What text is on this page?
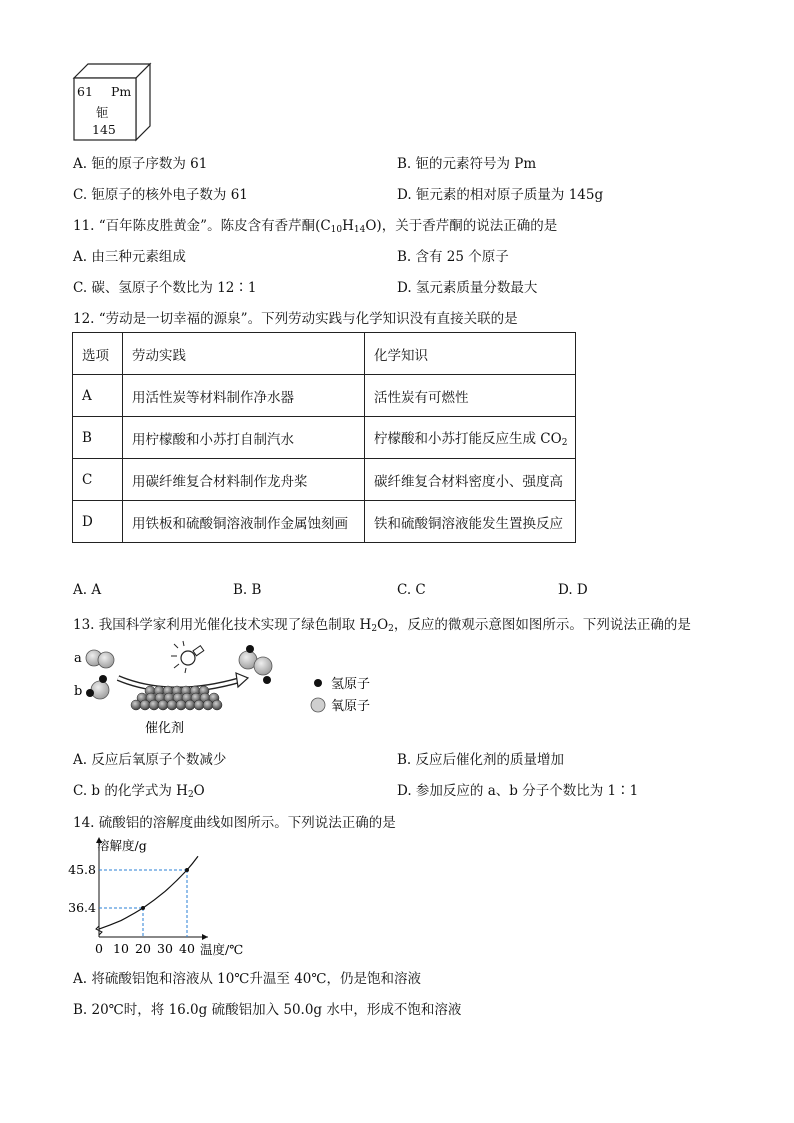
61 Pm
钷
145
A. 钷的原子序数为 61	B. 钷的元素符号为 Pm
C. 钷原子的核外电子数为 61	D. 钷元素的相对原子质量为 145g
11. “百年陈皮胜黄金”。陈皮含有香芹酮$(C_{10}H_{14}O)$，关于香芹酮的说法正确的是
A. 由三种元素组成	B. 含有 25 个原子
C. 碳、氢原子个数比为 12∶1	D. 氢元素质量分数最大
12. “劳动是一切幸福的源泉”。下列劳动实践与化学知识没有直接关联的是
选项	劳动实践	化学知识
A	用活性炭等材料制作净水器	活性炭有可燃性
B	用柠檬酸和小苏打自制汽水	柠檬酸和小苏打能反应生成 $CO_2$
C	用碳纤维复合材料制作龙舟桨	碳纤维复合材料密度小、强度高
D	用铁板和硫酸铜溶液制作金属蚀刻画	铁和硫酸铜溶液能发生置换反应
A. A	B. B	C. C	D. D
13. 我国科学家利用光催化技术实现了绿色制取 $H_2O_2$，反应的微观示意图如图所示。下列说法正确的是
催化剂
a
b	氢原子
氧原子
A. 反应后氧原子个数减少	B. 反应后催化剂的质量增加
C. b 的化学式为 $H_2O$	D. 参加反应的 a、b 分子个数比为 1∶1
14. 硫酸铝的溶解度曲线如图所示。下列说法正确的是
0 10 20 30 40
36.4
45.8
溶解度/g
温度/℃
A. 将硫酸铝饱和溶液从 10℃升温至 40℃，仍是饱和溶液
B. 20℃时，将 16.0g 硫酸铝加入 50.0g 水中，形成不饱和溶液
